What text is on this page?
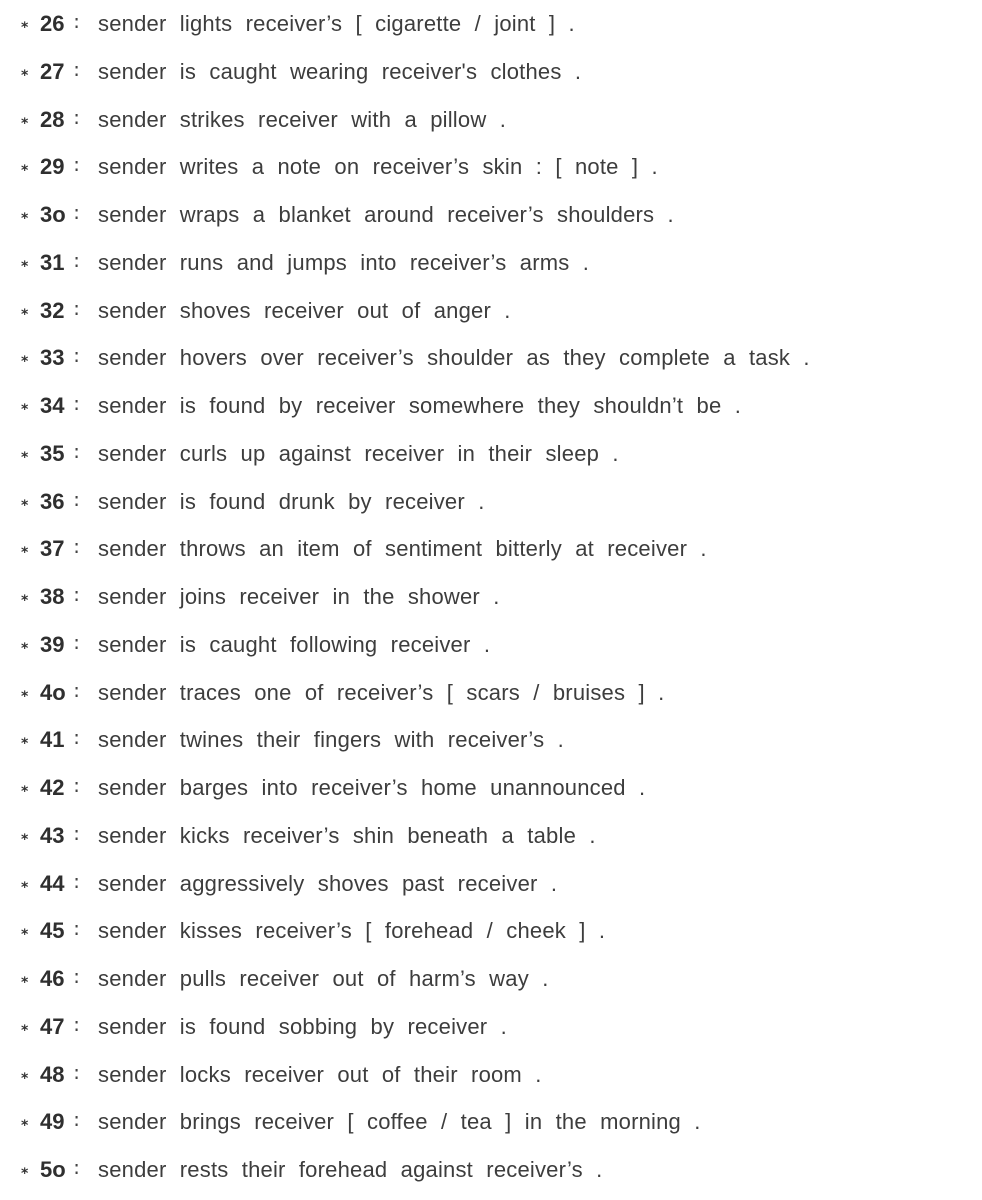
⁎ 26 ∶ sender lights receiver’s [ cigarette / joint ] .
⁎ 27 ∶ sender is caught wearing receiver's clothes .
⁎ 28 ∶ sender strikes receiver with a pillow .
⁎ 29 ∶ sender writes a note on receiver’s skin : [ note ] .
⁎ 3o ∶ sender wraps a blanket around receiver’s shoulders .
⁎ 31 ∶ sender runs and jumps into receiver’s arms .
⁎ 32 ∶ sender shoves receiver out of anger .
⁎ 33 ∶ sender hovers over receiver’s shoulder as they complete a task .
⁎ 34 ∶ sender is found by receiver somewhere they shouldn’t be .
⁎ 35 ∶ sender curls up against receiver in their sleep .
⁎ 36 ∶ sender is found drunk by receiver .
⁎ 37 ∶ sender throws an item of sentiment bitterly at receiver .
⁎ 38 ∶ sender joins receiver in the shower .
⁎ 39 ∶ sender is caught following receiver .
⁎ 4o ∶ sender traces one of receiver’s [ scars / bruises ] .
⁎ 41 ∶ sender twines their fingers with receiver’s .
⁎ 42 ∶ sender barges into receiver’s home unannounced .
⁎ 43 ∶ sender kicks receiver’s shin beneath a table .
⁎ 44 ∶ sender aggressively shoves past receiver .
⁎ 45 ∶ sender kisses receiver’s [ forehead / cheek ] .
⁎ 46 ∶ sender pulls receiver out of harm’s way .
⁎ 47 ∶ sender is found sobbing by receiver .
⁎ 48 ∶ sender locks receiver out of their room .
⁎ 49 ∶ sender brings receiver [ coffee / tea ] in the morning .
⁎ 5o ∶ sender rests their forehead against receiver’s .
